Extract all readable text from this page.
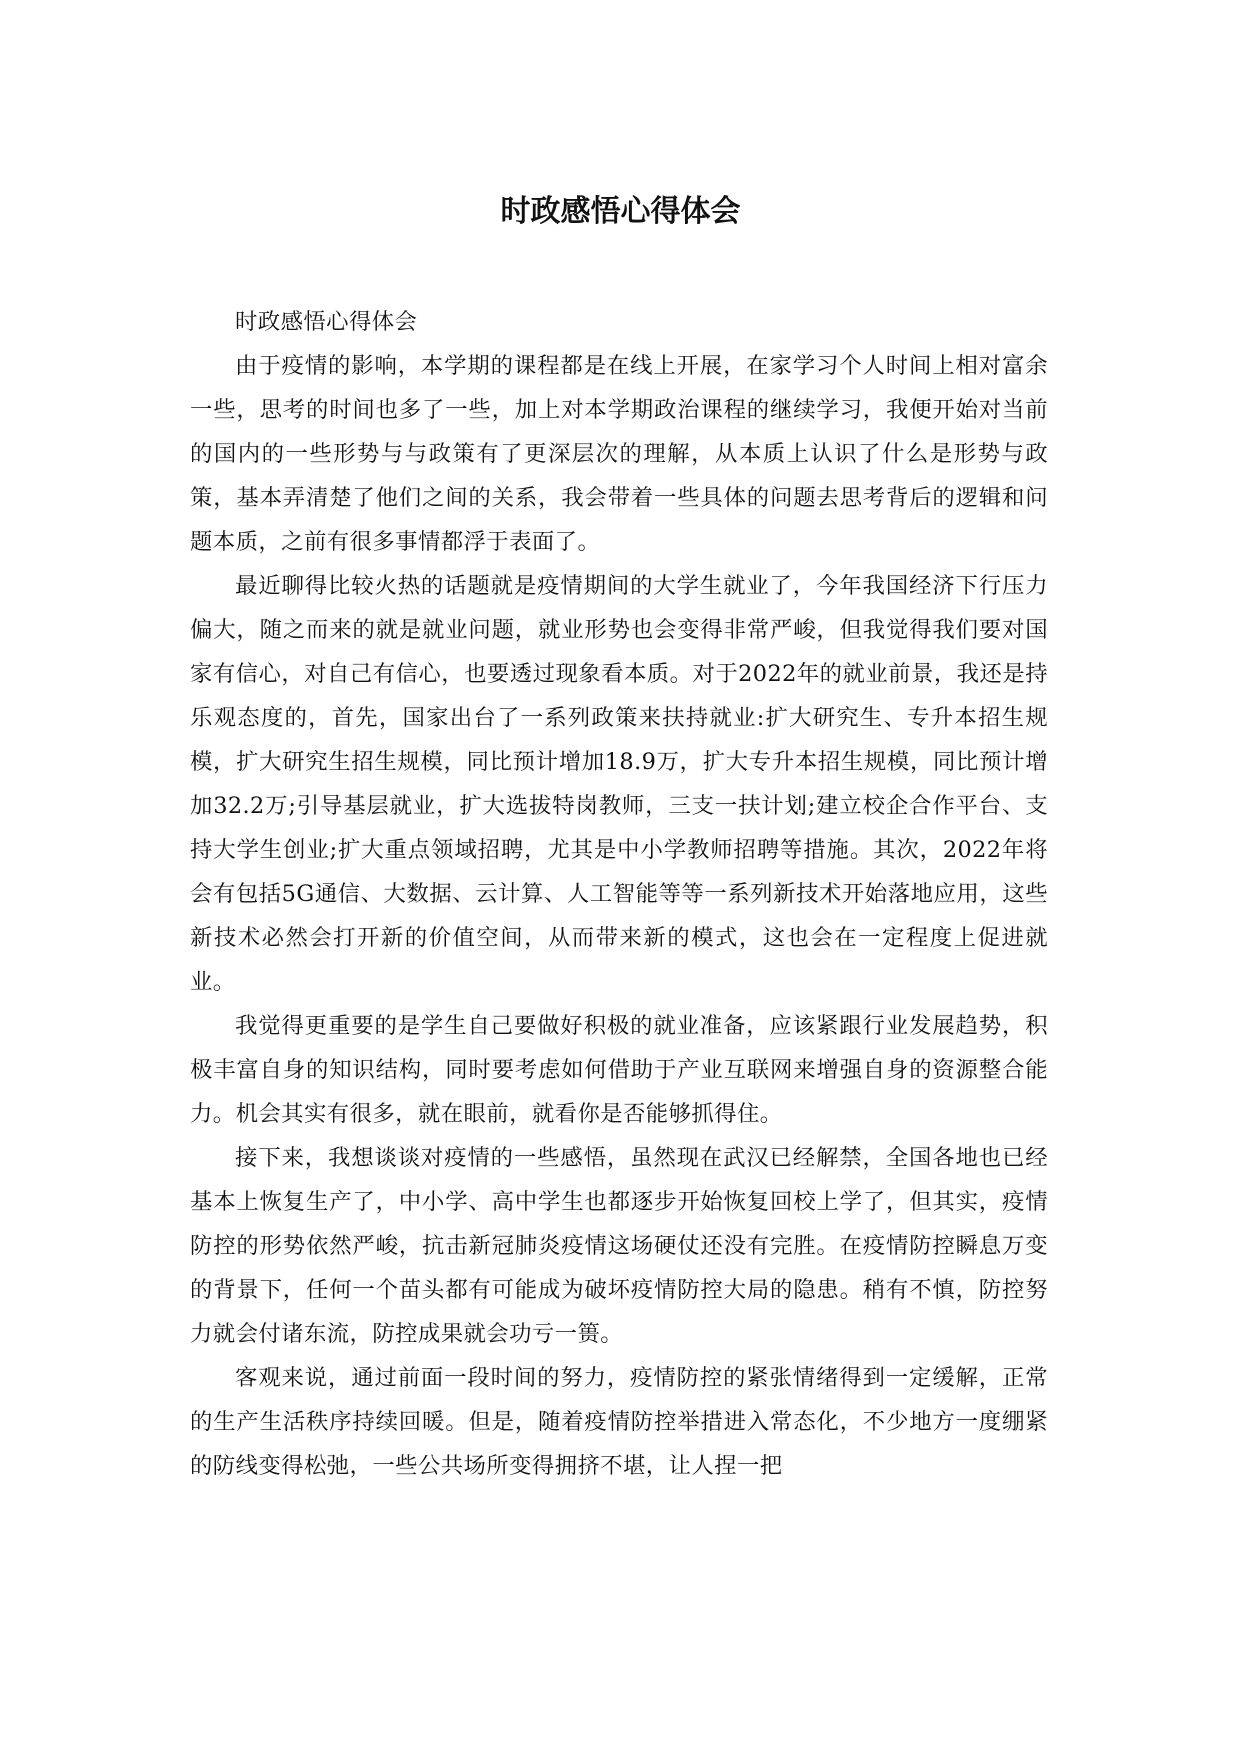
时政感悟心得体会

时政感悟心得体会

由于疫情的影响，本学期的课程都是在线上开展，在家学习个人时间上相对富余一些，思考的时间也多了一些，加上对本学期政治课程的继续学习，我便开始对当前的国内的一些形势与与政策有了更深层次的理解，从本质上认识了什么是形势与政策，基本弄清楚了他们之间的关系，我会带着一些具体的问题去思考背后的逻辑和问题本质，之前有很多事情都浮于表面了。

最近聊得比较火热的话题就是疫情期间的大学生就业了，今年我国经济下行压力偏大，随之而来的就是就业问题，就业形势也会变得非常严峻，但我觉得我们要对国家有信心，对自己有信心，也要透过现象看本质。对于2022年的就业前景，我还是持乐观态度的，首先，国家出台了一系列政策来扶持就业:扩大研究生、专升本招生规模，扩大研究生招生规模，同比预计增加18.9万，扩大专升本招生规模，同比预计增加32.2万;引导基层就业，扩大选拔特岗教师，三支一扶计划;建立校企合作平台、支持大学生创业;扩大重点领域招聘，尤其是中小学教师招聘等措施。其次，2022年将会有包括5G通信、大数据、云计算、人工智能等等一系列新技术开始落地应用，这些新技术必然会打开新的价值空间，从而带来新的模式，这也会在一定程度上促进就业。

我觉得更重要的是学生自己要做好积极的就业准备，应该紧跟行业发展趋势，积极丰富自身的知识结构，同时要考虑如何借助于产业互联网来增强自身的资源整合能力。机会其实有很多，就在眼前，就看你是否能够抓得住。

接下来，我想谈谈对疫情的一些感悟，虽然现在武汉已经解禁，全国各地也已经基本上恢复生产了，中小学、高中学生也都逐步开始恢复回校上学了，但其实，疫情防控的形势依然严峻，抗击新冠肺炎疫情这场硬仗还没有完胜。在疫情防控瞬息万变的背景下，任何一个苗头都有可能成为破坏疫情防控大局的隐患。稍有不慎，防控努力就会付诸东流，防控成果就会功亏一篑。

客观来说，通过前面一段时间的努力，疫情防控的紧张情绪得到一定缓解，正常的生产生活秩序持续回暖。但是，随着疫情防控举措进入常态化，不少地方一度绷紧的防线变得松弛，一些公共场所变得拥挤不堪，让人捏一把
